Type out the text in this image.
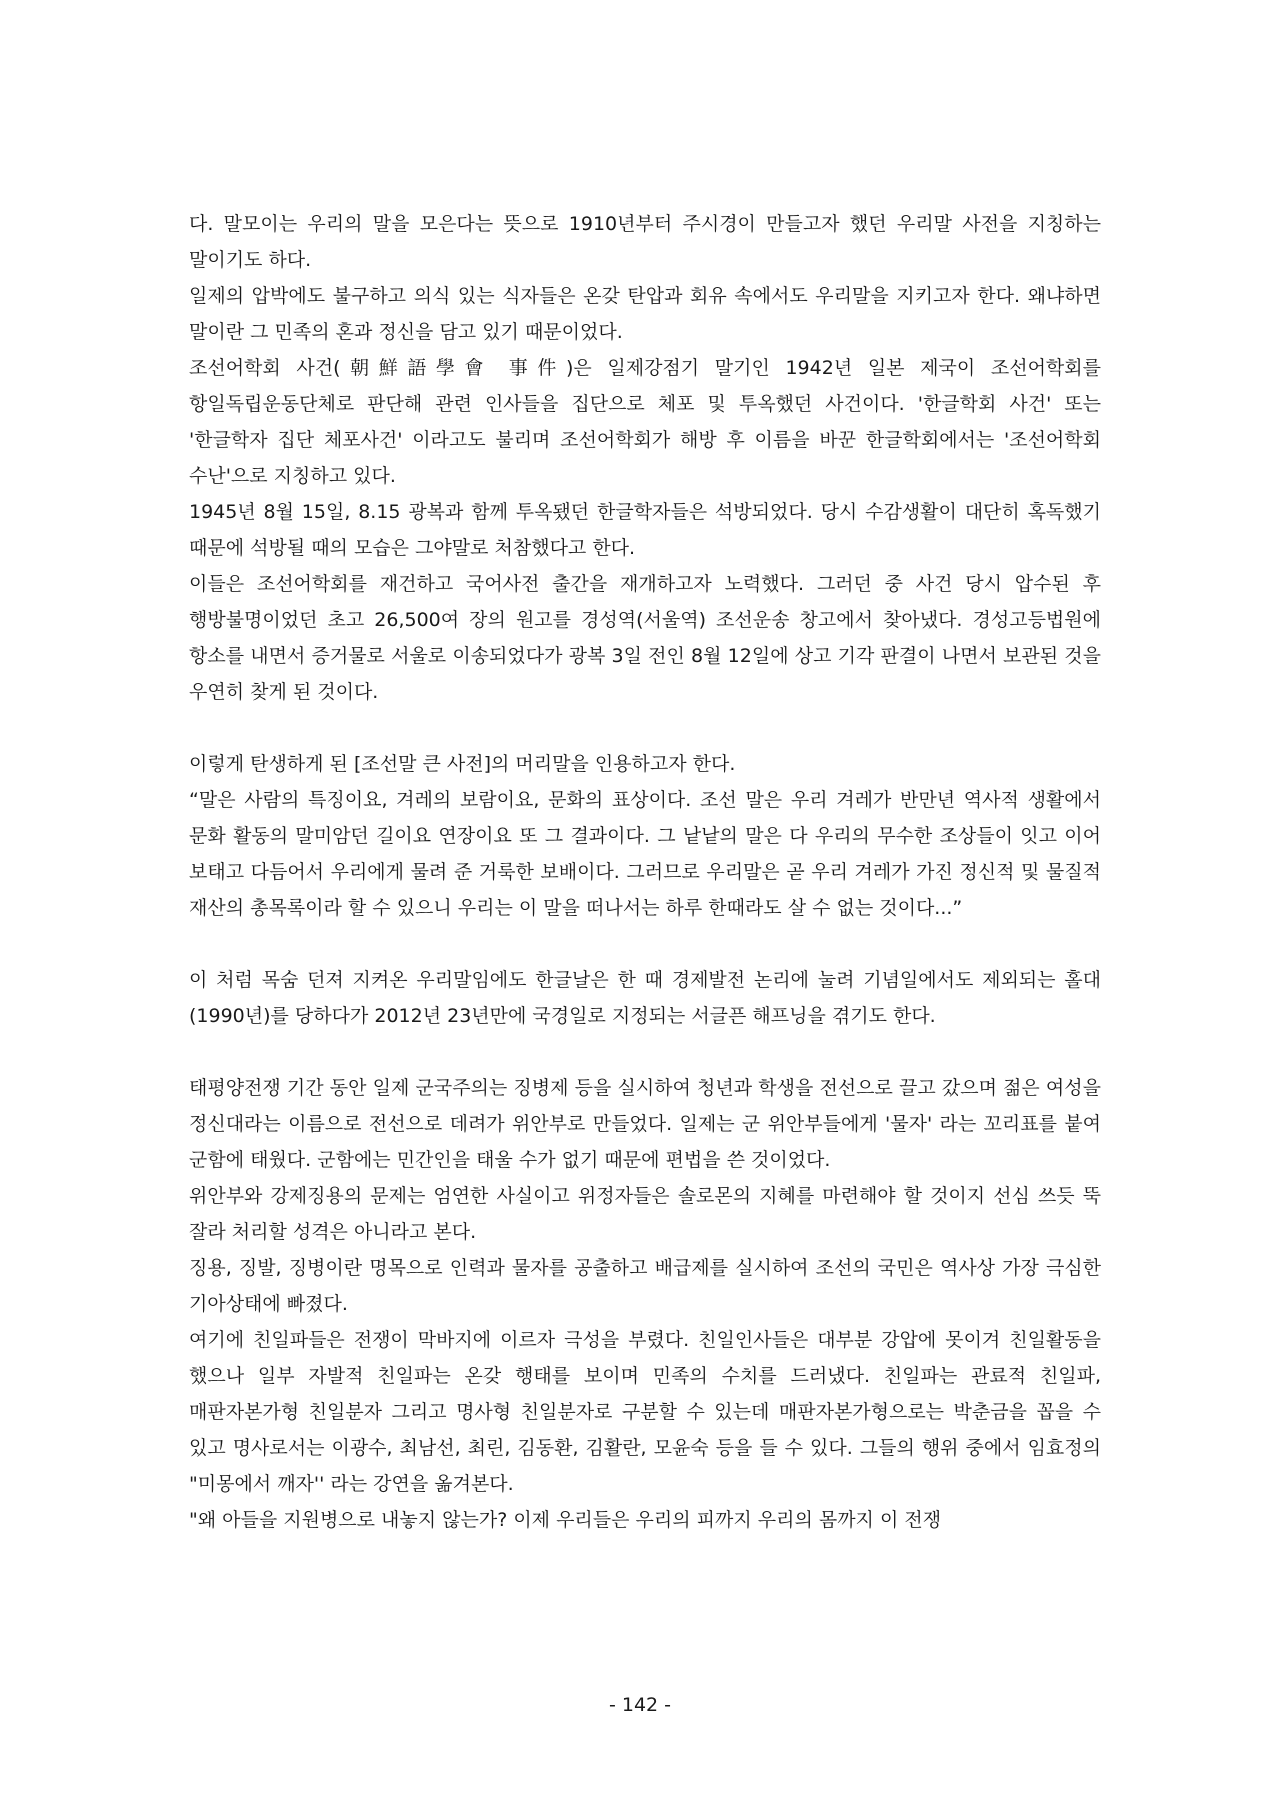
다. 말모이는 우리의 말을 모은다는 뜻으로 1910년부터 주시경이 만들고자 했던 우리말 사전을 지칭하는 말이기도 하다.

일제의 압박에도 불구하고 의식 있는 식자들은 온갖 탄압과 회유 속에서도 우리말을 지키고자 한다. 왜냐하면 말이란 그 민족의 혼과 정신을 담고 있기 때문이었다.

조선어학회 사건(朝鮮語學會 事件)은 일제강점기 말기인 1942년 일본 제국이 조선어학회를 항일독립운동단체로 판단해 관련 인사들을 집단으로 체포 및 투옥했던 사건이다. '한글학회 사건' 또는 '한글학자 집단 체포사건' 이라고도 불리며 조선어학회가 해방 후 이름을 바꾼 한글학회에서는 '조선어학회 수난'으로 지칭하고 있다.

1945년 8월 15일, 8.15 광복과 함께 투옥됐던 한글학자들은 석방되었다. 당시 수감생활이 대단히 혹독했기 때문에 석방될 때의 모습은 그야말로 처참했다고 한다.

이들은 조선어학회를 재건하고 국어사전 출간을 재개하고자 노력했다. 그러던 중 사건 당시 압수된 후 행방불명이었던 초고 26,500여 장의 원고를 경성역(서울역) 조선운송 창고에서 찾아냈다. 경성고등법원에 항소를 내면서 증거물로 서울로 이송되었다가 광복 3일 전인 8월 12일에 상고 기각 판결이 나면서 보관된 것을 우연히 찾게 된 것이다.

이렇게 탄생하게 된 [조선말 큰 사전]의 머리말을 인용하고자 한다.

“말은 사람의 특징이요, 겨레의 보람이요, 문화의 표상이다. 조선 말은 우리 겨레가 반만년 역사적 생활에서 문화 활동의 말미암던 길이요 연장이요 또 그 결과이다. 그 낱낱의 말은 다 우리의 무수한 조상들이 잇고 이어 보태고 다듬어서 우리에게 물려 준 거룩한 보배이다. 그러므로 우리말은 곧 우리 겨레가 가진 정신적 및 물질적 재산의 총목록이라 할 수 있으니 우리는 이 말을 떠나서는 하루 한때라도 살 수 없는 것이다...”

이 처럼 목숨 던져 지켜온 우리말임에도 한글날은 한 때 경제발전 논리에 눌려 기념일에서도 제외되는 홀대(1990년)를 당하다가 2012년 23년만에 국경일로 지정되는 서글픈 해프닝을 겪기도 한다.

태평양전쟁 기간 동안 일제 군국주의는 징병제 등을 실시하여 청년과 학생을 전선으로 끌고 갔으며 젊은 여성을 정신대라는 이름으로 전선으로 데려가 위안부로 만들었다. 일제는 군 위안부들에게 '물자' 라는 꼬리표를 붙여 군함에 태웠다. 군함에는 민간인을 태울 수가 없기 때문에 편법을 쓴 것이었다.

위안부와 강제징용의 문제는 엄연한 사실이고 위정자들은 솔로몬의 지혜를 마련해야 할 것이지 선심 쓰듯 뚝 잘라 처리할 성격은 아니라고 본다.

징용, 징발, 징병이란 명목으로 인력과 물자를 공출하고 배급제를 실시하여 조선의 국민은 역사상 가장 극심한 기아상태에 빠졌다.

여기에 친일파들은 전쟁이 막바지에 이르자 극성을 부렸다. 친일인사들은 대부분 강압에 못이겨 친일활동을 했으나 일부 자발적 친일파는 온갖 행태를 보이며 민족의 수치를 드러냈다. 친일파는 관료적 친일파, 매판자본가형 친일분자 그리고 명사형 친일분자로 구분할 수 있는데 매판자본가형으로는 박춘금을 꼽을 수 있고 명사로서는 이광수, 최남선, 최린, 김동환, 김활란, 모윤숙 등을 들 수 있다. 그들의 행위 중에서 임효정의 "미몽에서 깨자'' 라는 강연을 옮겨본다.

"왜 아들을 지원병으로 내놓지 않는가? 이제 우리들은 우리의 피까지 우리의 몸까지 이 전쟁

- 142 -
